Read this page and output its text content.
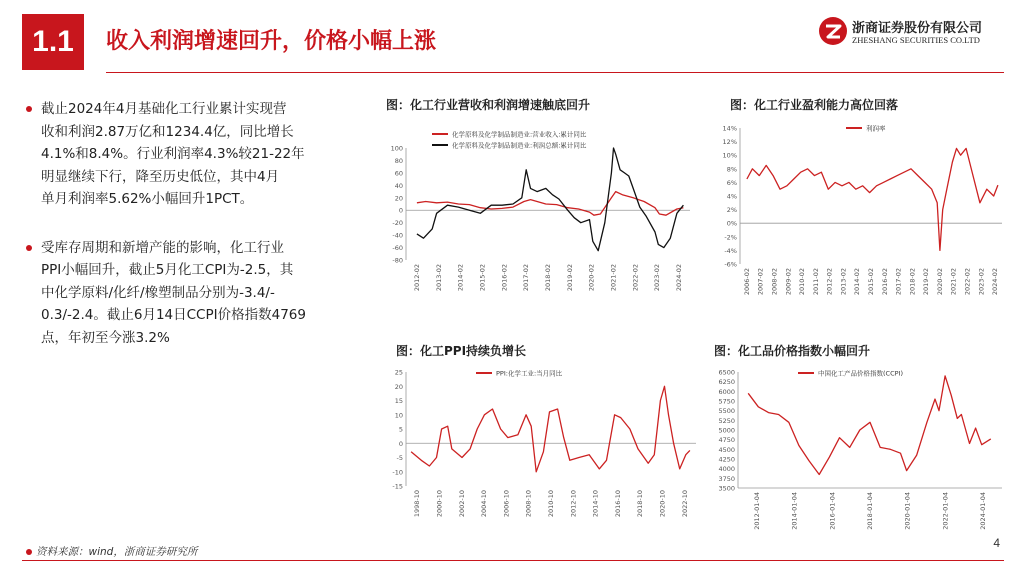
1.1	收入利润增速回升，价格小幅上涨
浙商证券股份有限公司
ZHESHANG SECURITIES CO.LTD
截止2024年4月基础化工行业累计实现营
收和利润2.87万亿和1234.4亿，同比增长
4.1%和8.4%。行业利润率4.3%较21-22年
明显继续下行，降至历史低位，其中4月
单月利润率5.62%小幅回升1PCT。
受库存周期和新增产能的影响，化工行业
PPI小幅回升，截止5月化工CPI为-2.5，其
中化学原料/化纤/橡塑制品分别为-3.4/-
0.3/-2.4。截止6月14日CCPI价格指数4769
点，年初至今涨3.2%
图：化工行业营收和利润增速触底回升
-80
-60
-40
-20
0
20
40
60
80
100
2012-02 2013-02 2014-02 2015-02 2016-02 2017-02 2018-02 2019-02 2020-02 2021-02 2022-02 2023-02 2024-02
化学原料及化学制品制造业:营业收入:累计同比
化学原料及化学制品制造业:利润总额:累计同比
图：化工行业盈利能力高位回落
-6%
-4%
-2%
0%
2%
4%
6%
8%
10%
12%
14%
2006-02 2007-02 2008-02 2009-02 2010-02 2011-02 2012-02 2013-02 2014-02 2015-02 2016-02 2017-02 2018-02 2019-02 2020-02 2021-02 2022-02 2023-02 2024-02
利润率
图：化工PPI持续负增长
-15
-10
-5
0
5
10
15
20
25
1998-10 2000-10 2002-10 2004-10 2006-10 2008-10 2010-10 2012-10 2014-10 2016-10 2018-10 2020-10 2022-10
PPI:化学工业:当月同比
图：化工品价格指数小幅回升
3500
3750
4000
4250
4500
4750
5000
5250
5500
5750
6000
6250
6500
2012-01-04	2014-01-04	2016-01-04	2018-01-04	2020-01-04	2022-01-04	2024-01-04
中国化工产品价格指数(CCPI)
资料来源：wind，浙商证券研究所
4
